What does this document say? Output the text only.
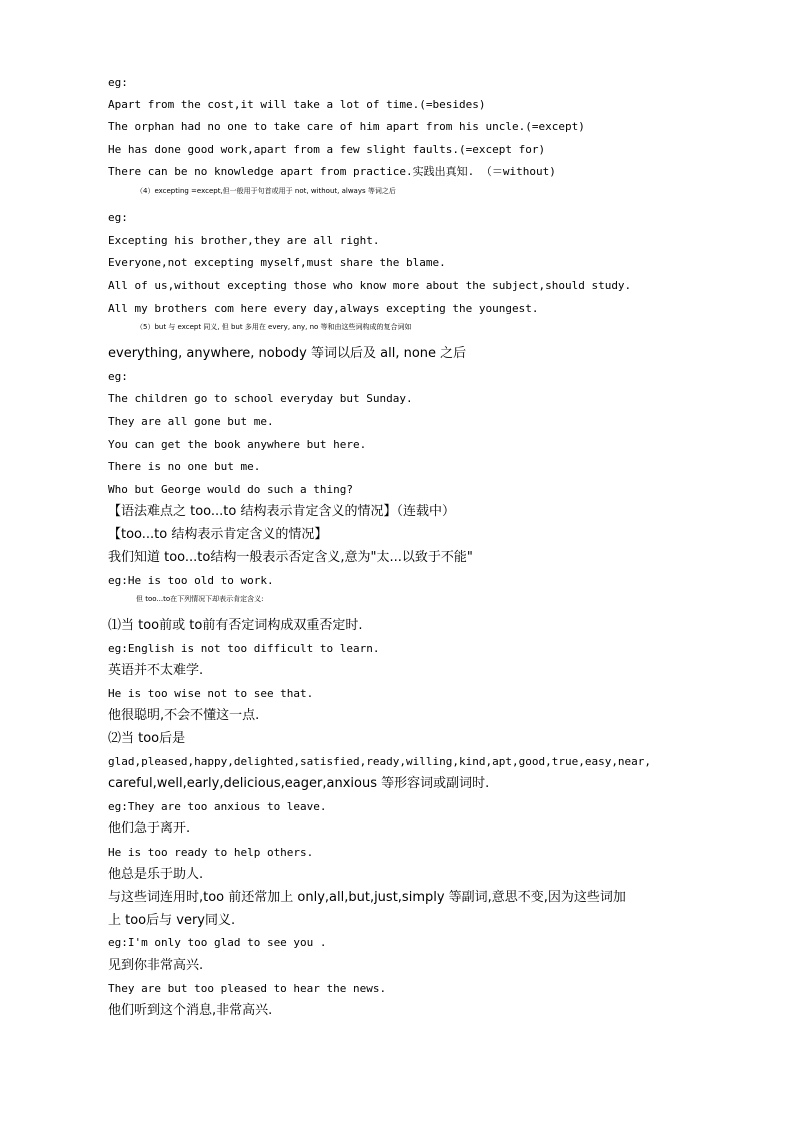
eg:
Apart from the cost,it will take a lot of time.(=besides)
The orphan had no one to take care of him apart from his uncle.(=except)
He has done good work,apart from a few slight faults.(=except for)
There can be no knowledge apart from practice.实践出真知. （＝without)
（4）excepting =except,但一般用于句首或用于 not, without, always 等词之后
eg:
Excepting his brother,they are all right.
Everyone,not excepting myself,must share the blame.
All of us,without excepting those who know more about the subject,should study.
All my brothers com here every day,always excepting the youngest.
（5）but 与 except 同义, 但 but 多用在 every, any, no 等和由这些词构成的复合词如
everything, anywhere, nobody 等词以后及 all, none 之后
eg:
The children go to school everyday but Sunday.
They are all gone but me.
You can get the book anywhere but here.
There is no one but me.
Who but George would do such a thing?
【语法难点之 too...to 结构表示肯定含义的情况】（连载中）
【too...to 结构表示肯定含义的情况】
我们知道 too...to结构一般表示否定含义,意为"太...以致于不能"
eg:He is too old to work.
但 too...to在下列情况下却表示肯定含义:
⑴当 too前或 to前有否定词构成双重否定时.
eg:English is not too difficult to learn.
英语并不太难学.
He is too wise not to see that.
他很聪明,不会不懂这一点.
⑵当 too后是
glad,pleased,happy,delighted,satisfied,ready,willing,kind,apt,good,true,easy,near,
careful,well,early,delicious,eager,anxious 等形容词或副词时.
eg:They are too anxious to leave.
他们急于离开.
He is too ready to help others.
他总是乐于助人.
与这些词连用时,too 前还常加上 only,all,but,just,simply 等副词,意思不变,因为这些词加
上 too后与 very同义.
eg:I'm only too glad to see you .
见到你非常高兴.
They are but too pleased to hear the news.
他们听到这个消息,非常高兴.
